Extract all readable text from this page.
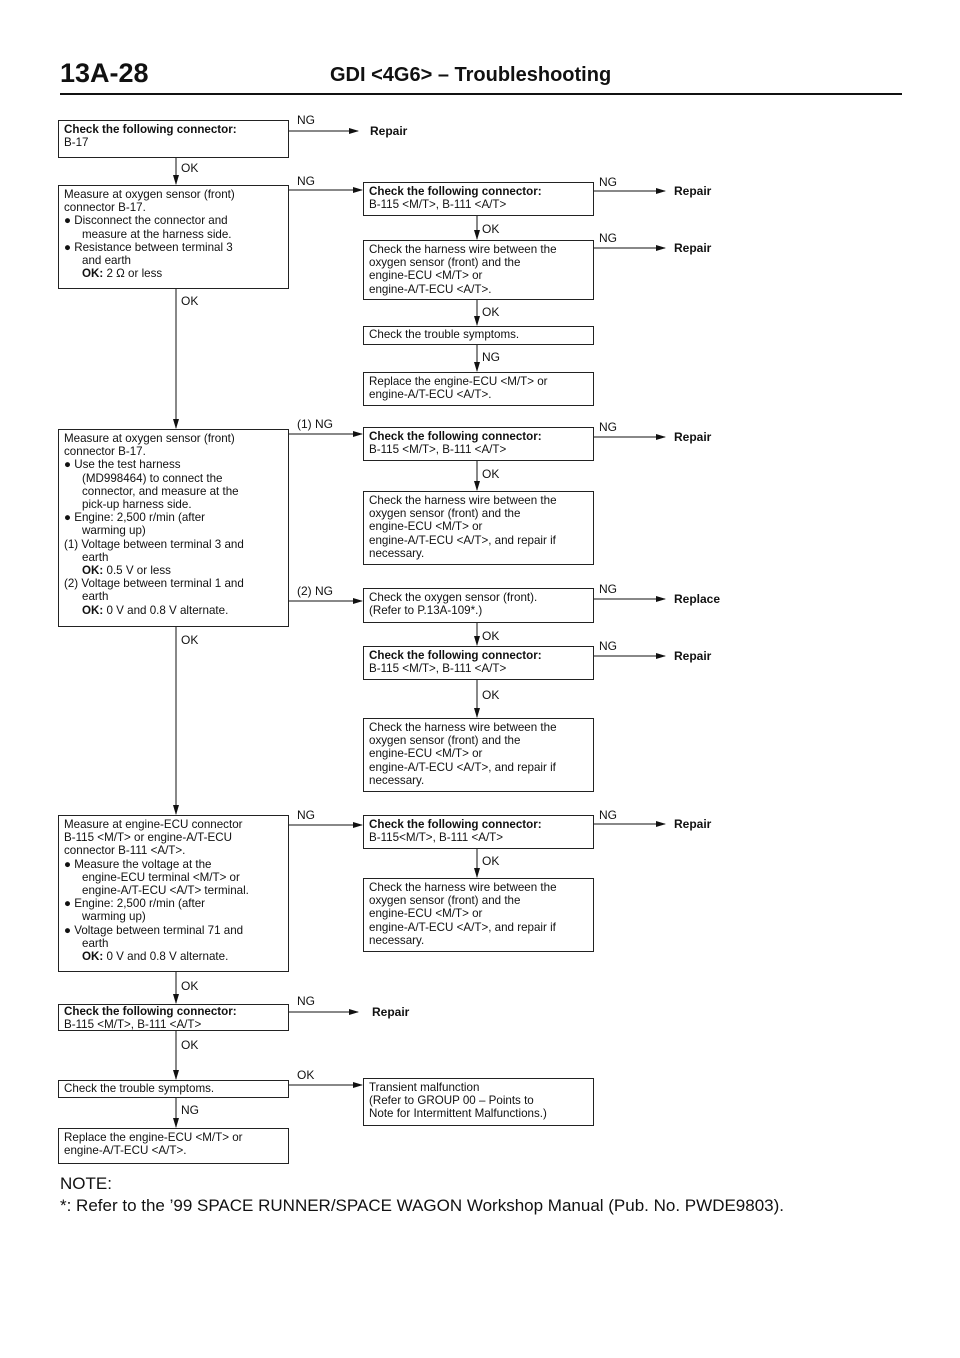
13A-28	GDI <4G6> – Troubleshooting
Check the following connector:
B-17
OK
Measure at oxygen sensor (front)
connector B-17.
● Disconnect the connector and
measure at the harness side.
● Resistance between terminal 3
and earth
OK: 2 Ω or less
OK
Measure at oxygen sensor (front)
connector B-17.
● Use the test harness
(MD998464) to connect the
connector, and measure at the
pick-up harness side.
● Engine: 2,500 r/min (after
warming up)
(1) Voltage between terminal 3 and
earth
OK: 0.5 V or less
(2) Voltage between terminal 1 and
earth
OK: 0 V and 0.8 V alternate.
OK
Measure at engine-ECU connector
B-115 <M/T> or engine-A/T-ECU
connector B-111 <A/T>.
● Measure the voltage at the
engine-ECU terminal <M/T> or
engine-A/T-ECU <A/T> terminal.
● Engine: 2,500 r/min (after
warming up)
● Voltage between terminal 71 and
earth
OK: 0 V and 0.8 V alternate.
OK
Check the following connector:
B-115 <M/T>, B-111 <A/T>
OK
Check the trouble symptoms.
NG
Replace the engine-ECU <M/T> or
engine-A/T-ECU <A/T>.
NG
Repair
NG
(1) NG
(2) NG
NG
NG
Repair
OK
Check the following connector:
B-115 <M/T>, B-111 <A/T>
OK
Check the harness wire between the
oxygen sensor (front) and the
engine-ECU <M/T> or
engine-A/T-ECU <A/T>.
OK
Check the trouble symptoms.
NG
Replace the engine-ECU <M/T> or
engine-A/T-ECU <A/T>.
NG
Repair
NG
Repair
Check the following connector:
B-115 <M/T>, B-111 <A/T>
OK
Check the harness wire between the
oxygen sensor (front) and the
engine-ECU <M/T> or
engine-A/T-ECU <A/T>, and repair if
necessary.
NG
Repair
Check the oxygen sensor (front).
(Refer to P.13A-109*.)
OK
Check the following connector:
B-115 <M/T>, B-111 <A/T>
OK
Check the harness wire between the
oxygen sensor (front) and the
engine-ECU <M/T> or
engine-A/T-ECU <A/T>, and repair if
necessary.
NG
Replace
NG
Repair
Check the following connector:
B-115<M/T>, B-111 <A/T>
OK
Check the harness wire between the
oxygen sensor (front) and the
engine-ECU <M/T> or
engine-A/T-ECU <A/T>, and repair if
necessary.
NG
Repair
Transient malfunction
(Refer to GROUP 00 – Points to
Note for Intermittent Malfunctions.)
NOTE:
*: Refer to the ’99 SPACE RUNNER/SPACE WAGON Workshop Manual (Pub. No. PWDE9803).
